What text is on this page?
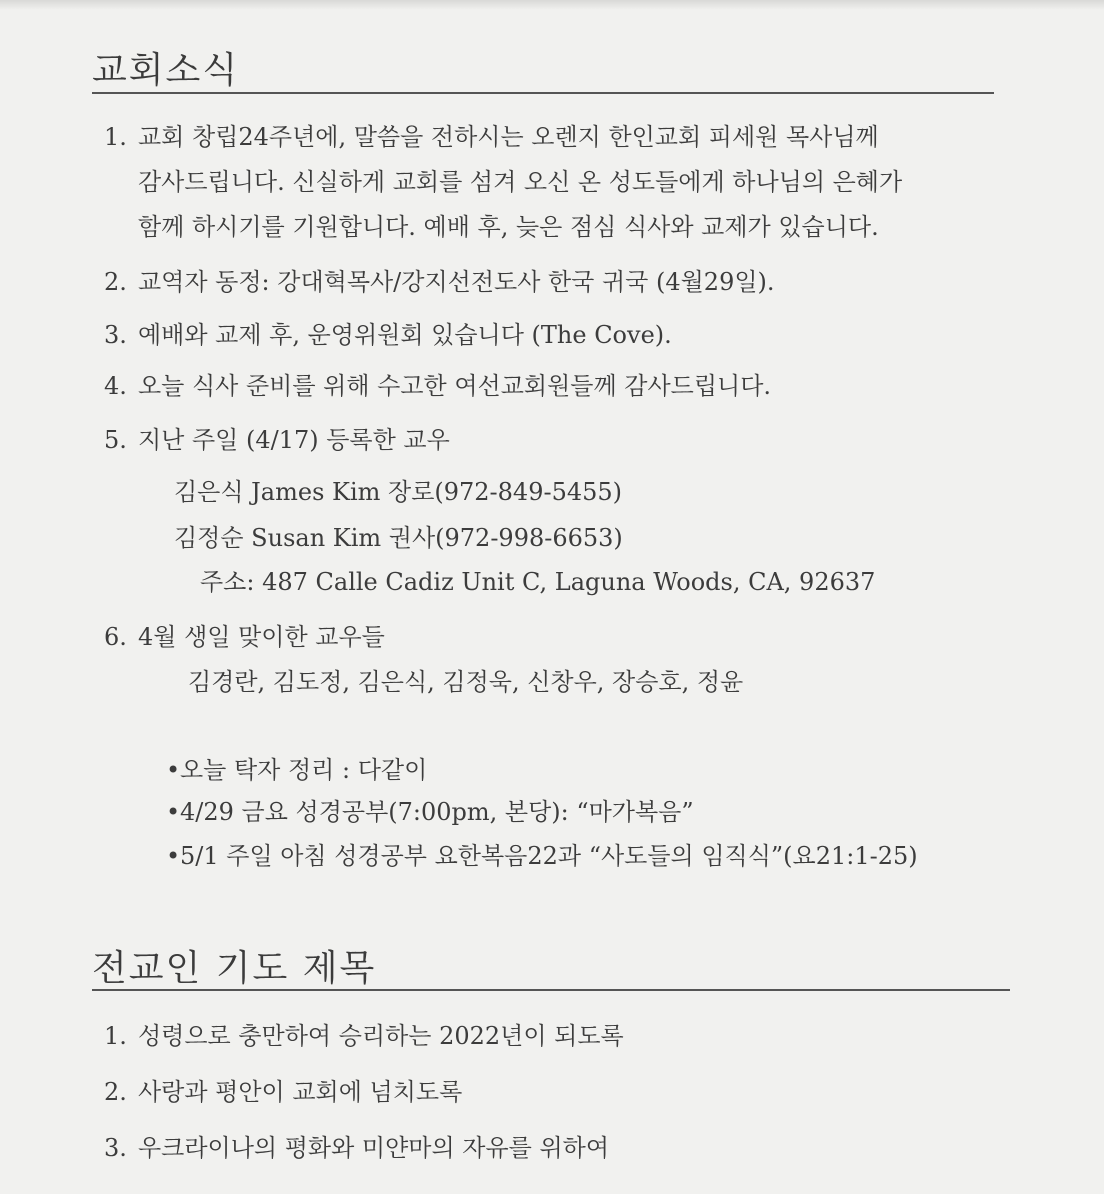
교회소식
1. 교회 창립24주년에, 말씀을 전하시는 오렌지 한인교회 피세원 목사님께
감사드립니다. 신실하게 교회를 섬겨 오신 온 성도들에게 하나님의 은혜가
함께 하시기를 기원합니다. 예배 후, 늦은 점심 식사와 교제가 있습니다.
2. 교역자 동정: 강대혁목사/강지선전도사 한국 귀국 (4월29일).
3. 예배와 교제 후, 운영위원회 있습니다 (The Cove).
4. 오늘 식사 준비를 위해 수고한 여선교회원들께 감사드립니다.
5. 지난 주일 (4/17) 등록한 교우
김은식 James Kim 장로(972-849-5455)
김정순 Susan Kim 권사(972-998-6653)
주소: 487 Calle Cadiz Unit C, Laguna Woods, CA, 92637
6. 4월 생일 맞이한 교우들
김경란, 김도정, 김은식, 김정욱, 신창우, 장승호, 정윤
•오늘 탁자 정리 : 다같이
•4/29 금요 성경공부(7:00pm, 본당): “마가복음”
•5/1 주일 아침 성경공부 요한복음22과 “사도들의 임직식”(요21:1-25)
전교인 기도 제목
1. 성령으로 충만하여 승리하는 2022년이 되도록
2. 사랑과 평안이 교회에 넘치도록
3. 우크라이나의 평화와 미얀마의 자유를 위하여
